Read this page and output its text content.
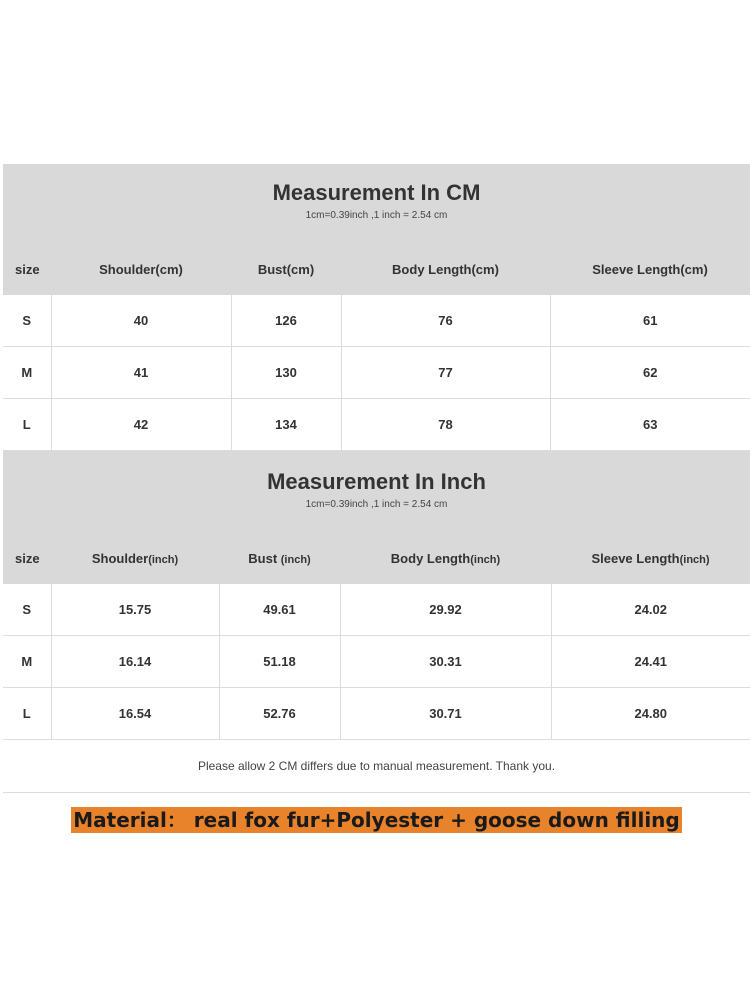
Measurement In CM
1cm=0.39inch ,1 inch = 2.54 cm
size	Shoulder(cm)	Bust(cm)	Body Length(cm)	Sleeve Length(cm)
S	40	126	76	61
M	41	130	77	62
L	42	134	78	63
Measurement In Inch
1cm=0.39inch ,1 inch = 2.54 cm
size	Shoulder(inch)	Bust (inch)	Body Length(inch)	Sleeve Length(inch)
S	15.75	49.61	29.92	24.02
M	16.14	51.18	30.31	24.41
L	16.54	52.76	30.71	24.80
Please allow 2 CM differs due to manual measurement. Thank you.
Material： real fox fur+Polyester + goose down filling
